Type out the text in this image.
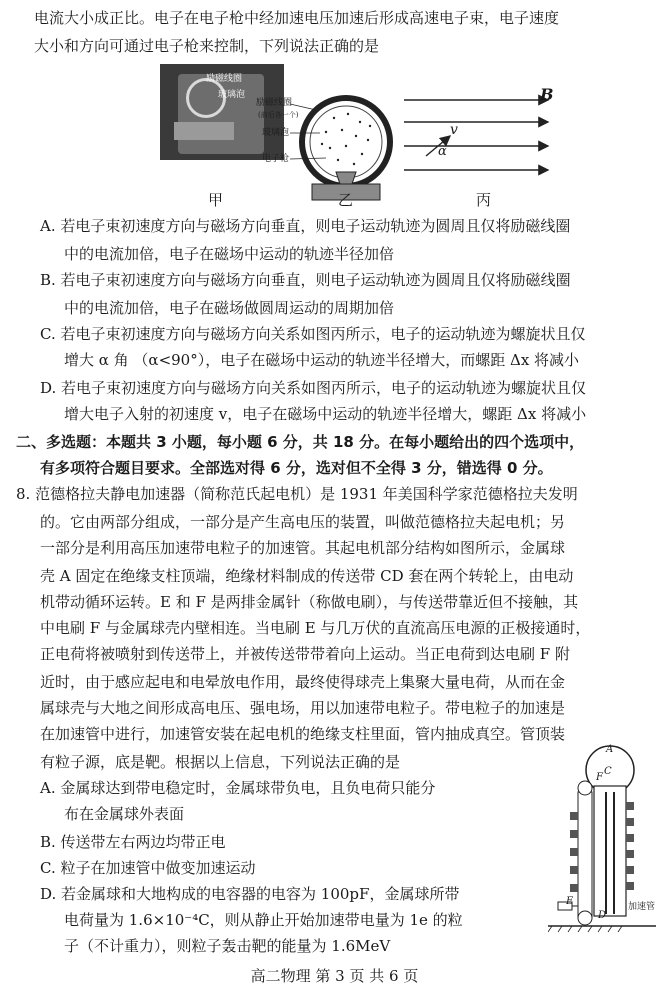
电流大小成正比。电子在电子枪中经加速电压加速后形成高速电子束，电子速度
大小和方向可通过电子枪来控制，下列说法正确的是
励磁线圈
玻璃泡
励磁线圈
(前后各一个)
玻璃泡
电子枪
B
v
α
甲	乙	丙
A. 若电子束初速度方向与磁场方向垂直，则电子运动轨迹为圆周且仅将励磁线圈
中的电流加倍，电子在磁场中运动的轨迹半径加倍
B. 若电子束初速度方向与磁场方向垂直，则电子运动轨迹为圆周且仅将励磁线圈
中的电流加倍，电子在磁场做圆周运动的周期加倍
C. 若电子束初速度方向与磁场方向关系如图丙所示，电子的运动轨迹为螺旋状且仅
增大 α 角 （α<90°），电子在磁场中运动的轨迹半径增大，而螺距 Δx 将减小
D. 若电子束初速度方向与磁场方向关系如图丙所示，电子的运动轨迹为螺旋状且仅
增大电子入射的初速度 v，电子在磁场中运动的轨迹半径增大，螺距 Δx 将减小
二、多选题：本题共 3 小题，每小题 6 分，共 18 分。在每小题给出的四个选项中，
有多项符合题目要求。全部选对得 6 分，选对但不全得 3 分，错选得 0 分。
8. 范德格拉夫静电加速器（简称范氏起电机）是 1931 年美国科学家范德格拉夫发明
的。它由两部分组成，一部分是产生高电压的装置，叫做范德格拉夫起电机；另
一部分是利用高压加速带电粒子的加速管。其起电机部分结构如图所示，金属球
壳 A 固定在绝缘支柱顶端，绝缘材料制成的传送带 CD 套在两个转轮上，由电动
机带动循环运转。E 和 F 是两排金属针（称做电刷），与传送带靠近但不接触，其
中电刷 F 与金属球壳内壁相连。当电刷 E 与几万伏的直流高压电源的正极接通时，
正电荷将被喷射到传送带上，并被传送带带着向上运动。当正电荷到达电刷 F 附
近时，由于感应起电和电晕放电作用，最终使得球壳上集聚大量电荷，从而在金
属球壳与大地之间形成高电压、强电场，用以加速带电粒子。带电粒子的加速是
在加速管中进行，加速管安装在起电机的绝缘支柱里面，管内抽成真空。管顶装
有粒子源，底是靶。根据以上信息，下列说法正确的是
A. 金属球达到带电稳定时，金属球带负电，且负电荷只能分
布在金属球外表面
B. 传送带左右两边均带正电
C. 粒子在加速管中做变加速运动
D. 若金属球和大地构成的电容器的电容为 100pF，金属球所带
电荷量为 1.6×10⁻⁴C，则从静止开始加速带电量为 1e 的粒
子（不计重力），则粒子轰击靶的能量为 1.6MeV
A
C
F
E
D
加速管
高二物理 第 3 页 共 6 页
